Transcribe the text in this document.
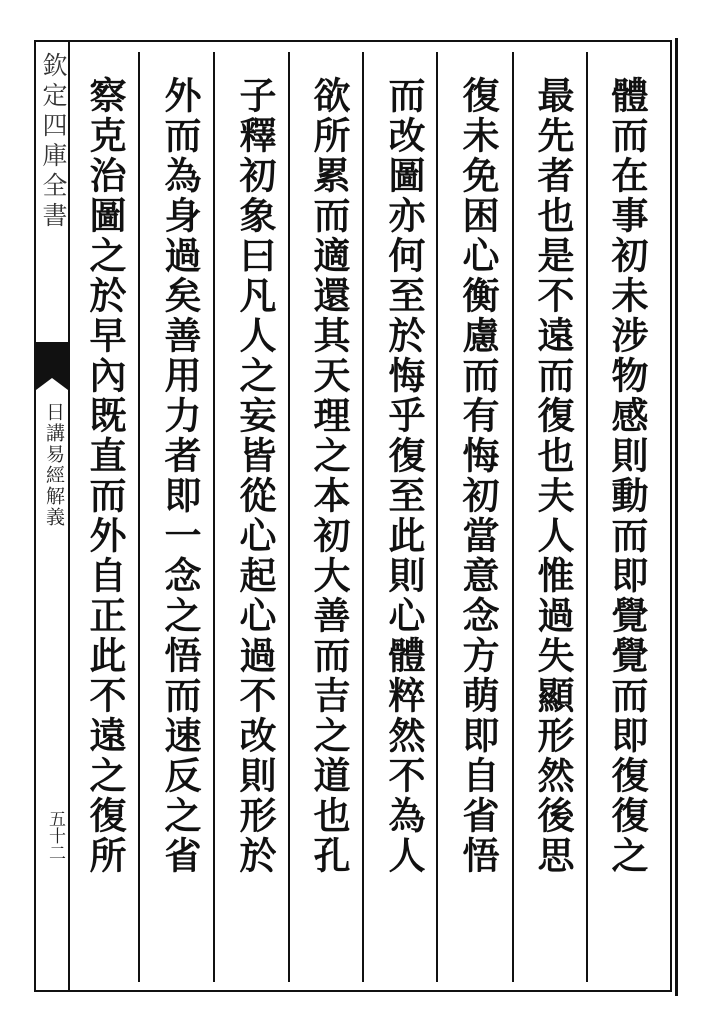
欽定四庫全書
日講易經解義
五十二	體而在事初未涉物感則動而即覺覺而即復復之
最先者也是不遠而復也夫人惟過失顯形然後思
復未免困心衡慮而有悔初當意念方萌即自省悟
而改圖亦何至於悔乎復至此則心體粹然不為人
欲所累而適還其天理之本初大善而吉之道也孔
子釋初象曰凡人之妄皆從心起心過不改則形於
外而為身過矣善用力者即一念之悟而速反之省
察克治圖之於早內既直而外自正此不遠之復所
